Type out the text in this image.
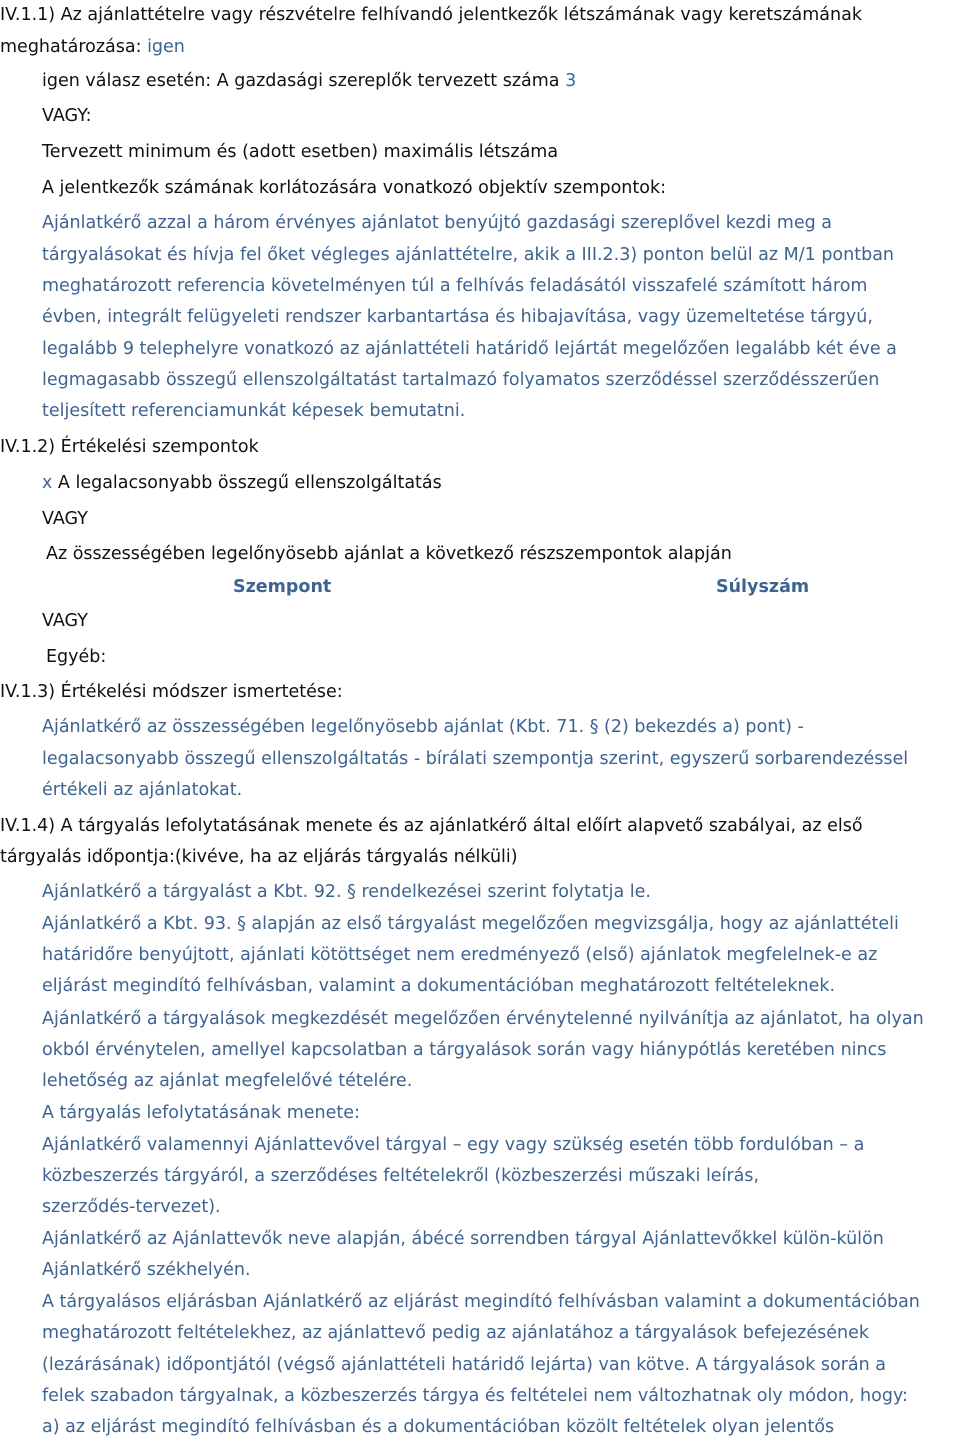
IV.1.1) Az ajánlattételre vagy részvételre felhívandó jelentkezők létszámának vagy keretszámának
meghatározása: igen
igen válasz esetén: A gazdasági szereplők tervezett száma 3
VAGY:
Tervezett minimum és (adott esetben) maximális létszáma
A jelentkezők számának korlátozására vonatkozó objektív szempontok:
Ajánlatkérő azzal a három érvényes ajánlatot benyújtó gazdasági szereplővel kezdi meg a
tárgyalásokat és hívja fel őket végleges ajánlattételre, akik a III.2.3) ponton belül az M/1 pontban
meghatározott referencia követelményen túl a felhívás feladásától visszafelé számított három
évben, integrált felügyeleti rendszer karbantartása és hibajavítása, vagy üzemeltetése tárgyú,
legalább 9 telephelyre vonatkozó az ajánlattételi határidő lejártát megelőzően legalább két éve a
legmagasabb összegű ellenszolgáltatást tartalmazó folyamatos szerződéssel szerződésszerűen
teljesített referenciamunkát képesek bemutatni.
IV.1.2) Értékelési szempontok
x A legalacsonyabb összegű ellenszolgáltatás
VAGY
Az összességében legelőnyösebb ajánlat a következő részszempontok alapján
Szempont	Súlyszám
VAGY
Egyéb:
IV.1.3) Értékelési módszer ismertetése:
Ajánlatkérő az összességében legelőnyösebb ajánlat (Kbt. 71. § (2) bekezdés a) pont) -
legalacsonyabb összegű ellenszolgáltatás - bírálati szempontja szerint, egyszerű sorbarendezéssel
értékeli az ajánlatokat.
IV.1.4) A tárgyalás lefolytatásának menete és az ajánlatkérő által előírt alapvető szabályai, az első
tárgyalás időpontja:(kivéve, ha az eljárás tárgyalás nélküli)
Ajánlatkérő a tárgyalást a Kbt. 92. § rendelkezései szerint folytatja le.
Ajánlatkérő a Kbt. 93. § alapján az első tárgyalást megelőzően megvizsgálja, hogy az ajánlattételi
határidőre benyújtott, ajánlati kötöttséget nem eredményező (első) ajánlatok megfelelnek-e az
eljárást megindító felhívásban, valamint a dokumentációban meghatározott feltételeknek.
Ajánlatkérő a tárgyalások megkezdését megelőzően érvénytelenné nyilvánítja az ajánlatot, ha olyan
okból érvénytelen, amellyel kapcsolatban a tárgyalások során vagy hiánypótlás keretében nincs
lehetőség az ajánlat megfelelővé tételére.
A tárgyalás lefolytatásának menete:
Ajánlatkérő valamennyi Ajánlattevővel tárgyal – egy vagy szükség esetén több fordulóban – a
közbeszerzés tárgyáról, a szerződéses feltételekről (közbeszerzési műszaki leírás,
szerződés-tervezet).
Ajánlatkérő az Ajánlattevők neve alapján, ábécé sorrendben tárgyal Ajánlattevőkkel külön-külön
Ajánlatkérő székhelyén.
A tárgyalásos eljárásban Ajánlatkérő az eljárást megindító felhívásban valamint a dokumentációban
meghatározott feltételekhez, az ajánlattevő pedig az ajánlatához a tárgyalások befejezésének
(lezárásának) időpontjától (végső ajánlattételi határidő lejárta) van kötve. A tárgyalások során a
felek szabadon tárgyalnak, a közbeszerzés tárgya és feltételei nem változhatnak oly módon, hogy:
a) az eljárást megindító felhívásban és a dokumentációban közölt feltételek olyan jelentős
